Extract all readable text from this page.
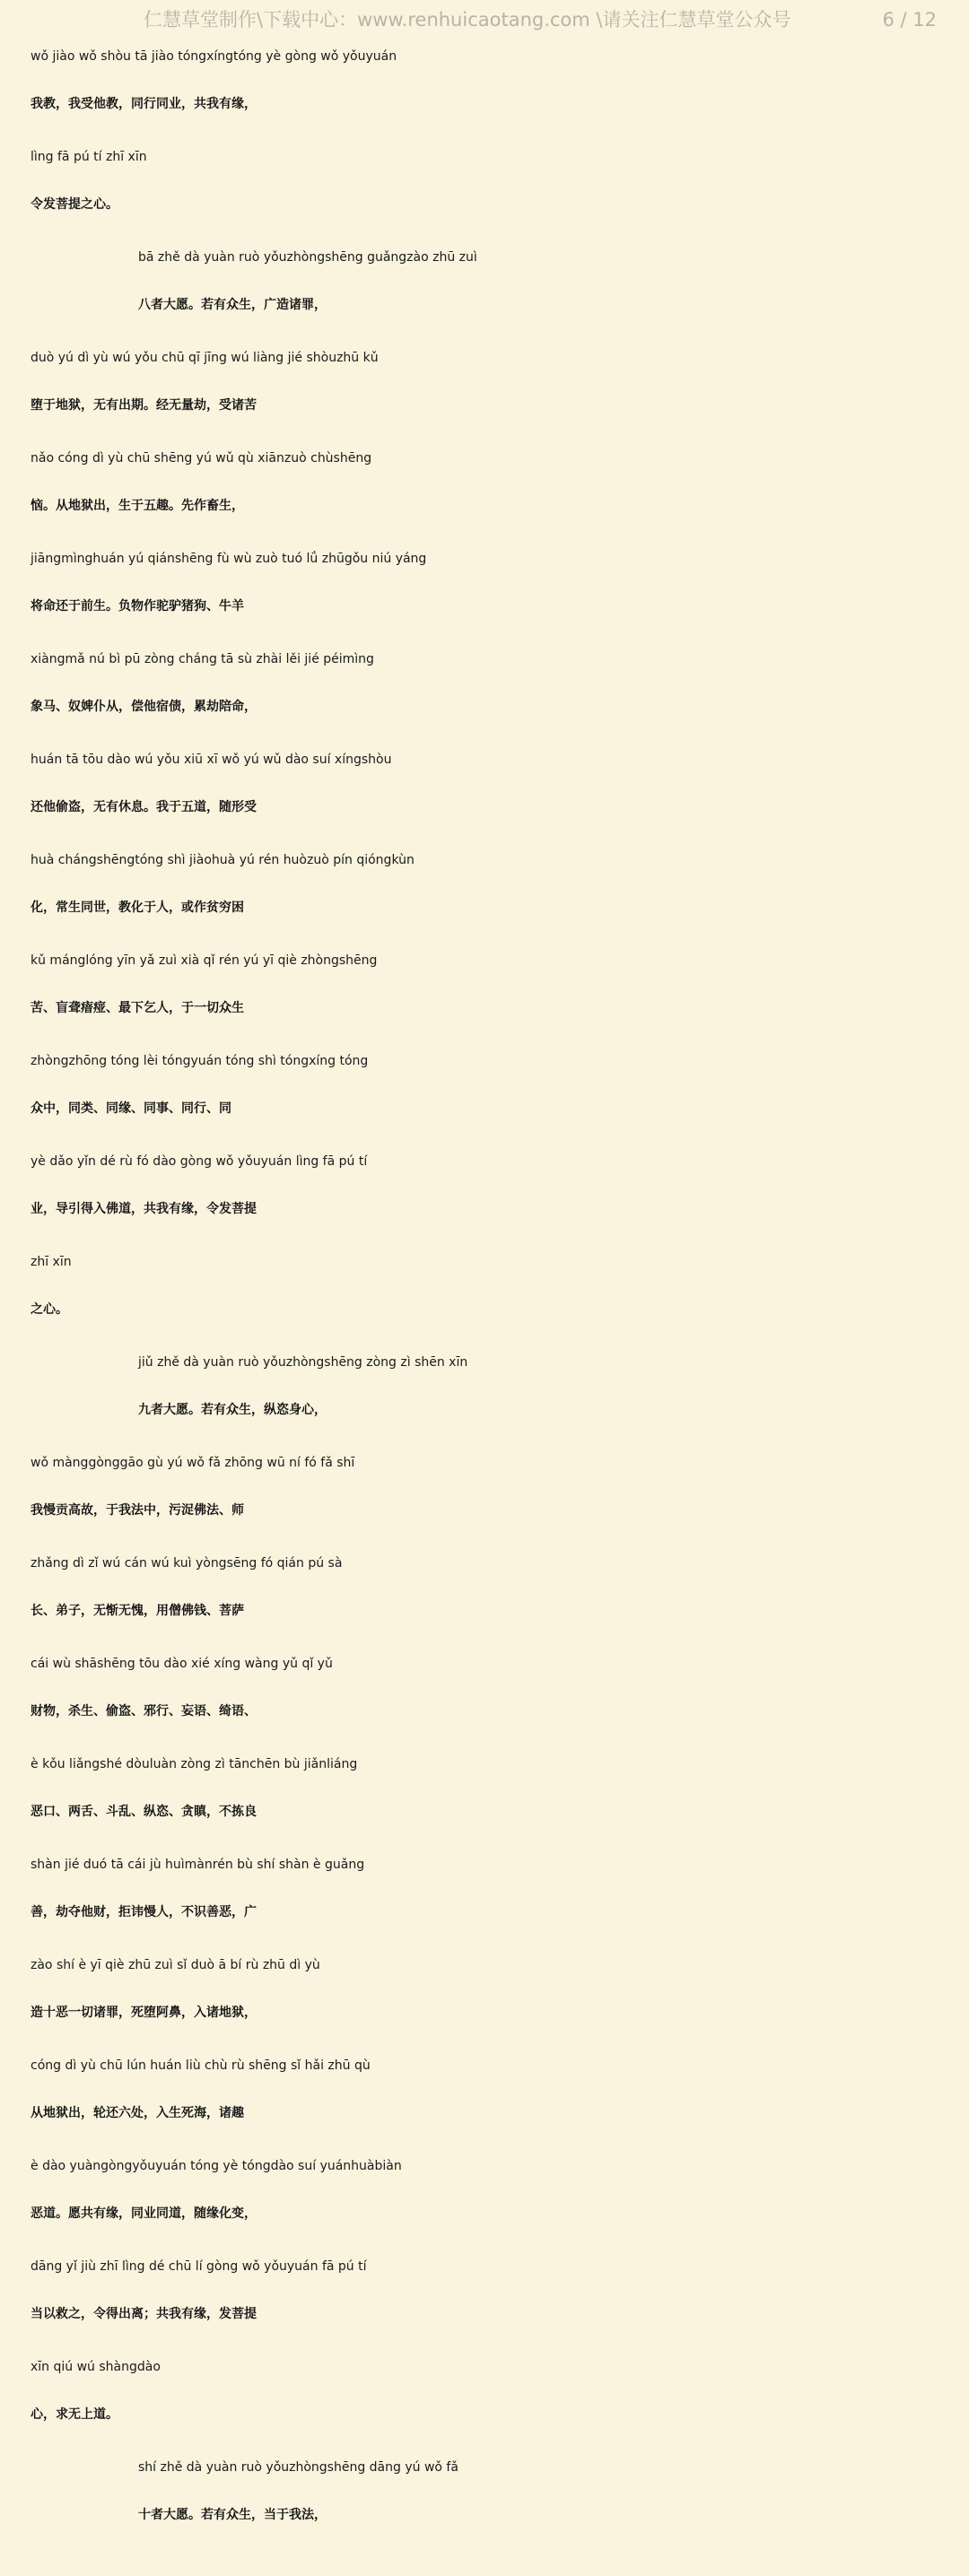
仁慧草堂制作\下载中心：www.renhuicaotang.com \请关注仁慧草堂公众号	6 / 12
wǒ jiào wǒ shòu tā jiào tóngxíngtóng yè gòng wǒ yǒuyuán
我教，我受他教，同行同业，共我有缘，
lìng fā pú tí zhī xīn
令发菩提之心。
bā zhě dà yuàn ruò yǒuzhòngshēng guǎngzào zhū zuì
八者大愿。若有众生，广造诸罪，
duò yú dì yù wú yǒu chū qī jīng wú liàng jié shòuzhū kǔ
堕于地狱，无有出期。经无量劫，受诸苦
nǎo cóng dì yù chū shēng yú wǔ qù xiānzuò chùshēng
恼。从地狱出，生于五趣。先作畜生，
jiāngmìnghuán yú qiánshēng fù wù zuò tuó lǘ zhūgǒu niú yáng
将命还于前生。负物作驼驴猪狗、牛羊
xiàngmǎ nú bì pū zòng cháng tā sù zhài lěi jié péimìng
象马、奴婢仆从，偿他宿债，累劫陪命，
huán tā tōu dào wú yǒu xiū xī wǒ yú wǔ dào suí xíngshòu
还他偷盗，无有休息。我于五道，随形受
huà chángshēngtóng shì jiàohuà yú rén huòzuò pín qióngkùn
化，常生同世，教化于人，或作贫穷困
kǔ mánglóng yīn yǎ zuì xià qǐ rén yú yī qiè zhòngshēng
苦、盲聋瘖痖、最下乞人，于一切众生
zhòngzhōng tóng lèi tóngyuán tóng shì tóngxíng tóng
众中，同类、同缘、同事、同行、同
yè dǎo yǐn dé rù fó dào gòng wǒ yǒuyuán lìng fā pú tí
业，导引得入佛道，共我有缘，令发菩提
zhī xīn
之心。
jiǔ zhě dà yuàn ruò yǒuzhòngshēng zòng zì shēn xīn
九者大愿。若有众生，纵恣身心，
wǒ mànggònggāo gù yú wǒ fǎ zhōng wū ní fó fǎ shī
我慢贡高故，于我法中，污浞佛法、师
zhǎng dì zǐ wú cán wú kuì yòngsēng fó qián pú sà
长、弟子，无惭无愧，用僧佛钱、菩萨
cái wù shāshēng tōu dào xié xíng wàng yǔ qǐ yǔ
财物，杀生、偷盗、邪行、妄语、绮语、
è kǒu liǎngshé dòuluàn zòng zì tānchēn bù jiǎnliáng
恶口、两舌、斗乱、纵恣、贪瞋，不拣良
shàn jié duó tā cái jù huìmànrén bù shí shàn è guǎng
善，劫夺他财，拒讳慢人，不识善恶，广
zào shí è yī qiè zhū zuì sǐ duò ā bí rù zhū dì yù
造十恶一切诸罪，死堕阿鼻，入诸地狱，
cóng dì yù chū lún huán liù chù rù shēng sǐ hǎi zhū qù
从地狱出，轮还六处，入生死海，诸趣
è dào yuàngòngyǒuyuán tóng yè tóngdào suí yuánhuàbiàn
恶道。愿共有缘，同业同道，随缘化变，
dāng yǐ jiù zhī lìng dé chū lí gòng wǒ yǒuyuán fā pú tí
当以救之，令得出离；共我有缘，发菩提
xīn qiú wú shàngdào
心，求无上道。
shí zhě dà yuàn ruò yǒuzhòngshēng dāng yú wǒ fǎ
十者大愿。若有众生，当于我法，
